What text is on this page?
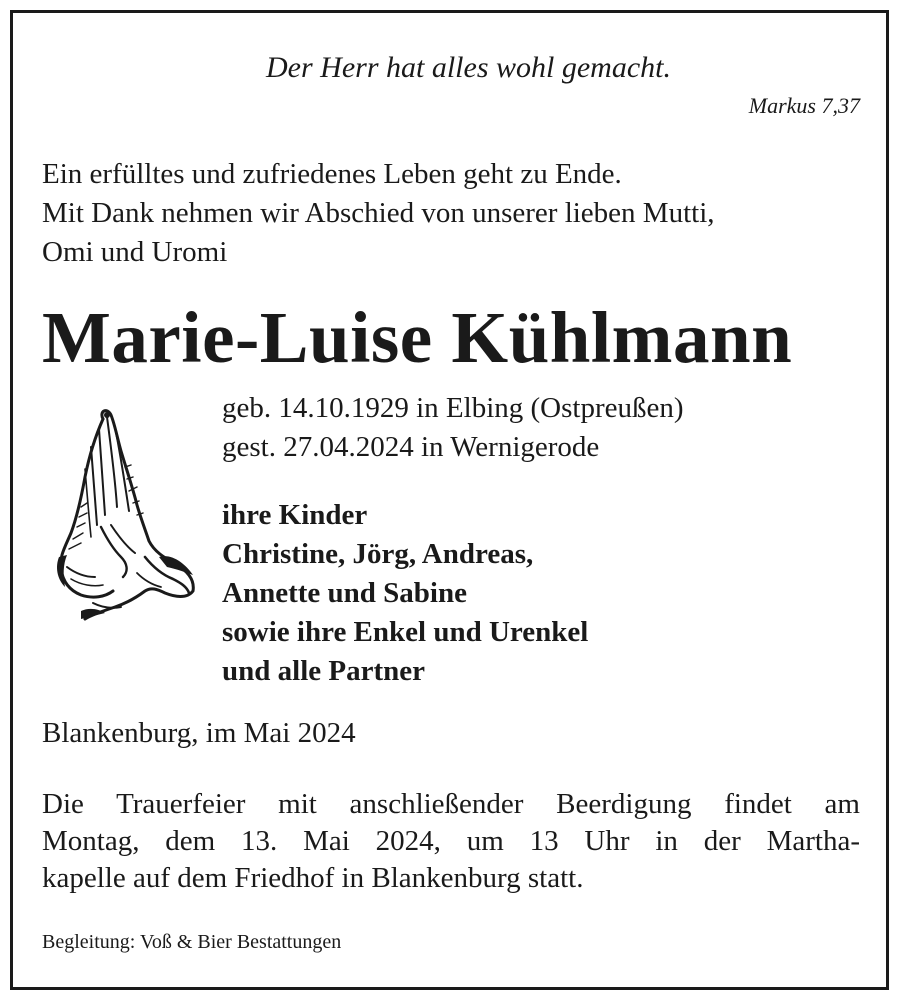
Der Herr hat alles wohl gemacht.
Markus 7,37
Ein erfülltes und zufriedenes Leben geht zu Ende.
Mit Dank nehmen wir Abschied von unserer lieben Mutti,
Omi und Uromi
Marie-Luise Kühlmann
geb. 14.10.1929 in Elbing (Ostpreußen)
gest. 27.04.2024 in Wernigerode
ihre Kinder
Christine, Jörg, Andreas,
Annette und Sabine
sowie ihre Enkel und Urenkel
und alle Partner
Blankenburg, im Mai 2024
Die Trauerfeier mit anschließender Beerdigung findet am
Montag, dem 13. Mai 2024, um 13 Uhr in der Martha-
kapelle auf dem Friedhof in Blankenburg statt.
Begleitung: Voß & Bier Bestattungen
